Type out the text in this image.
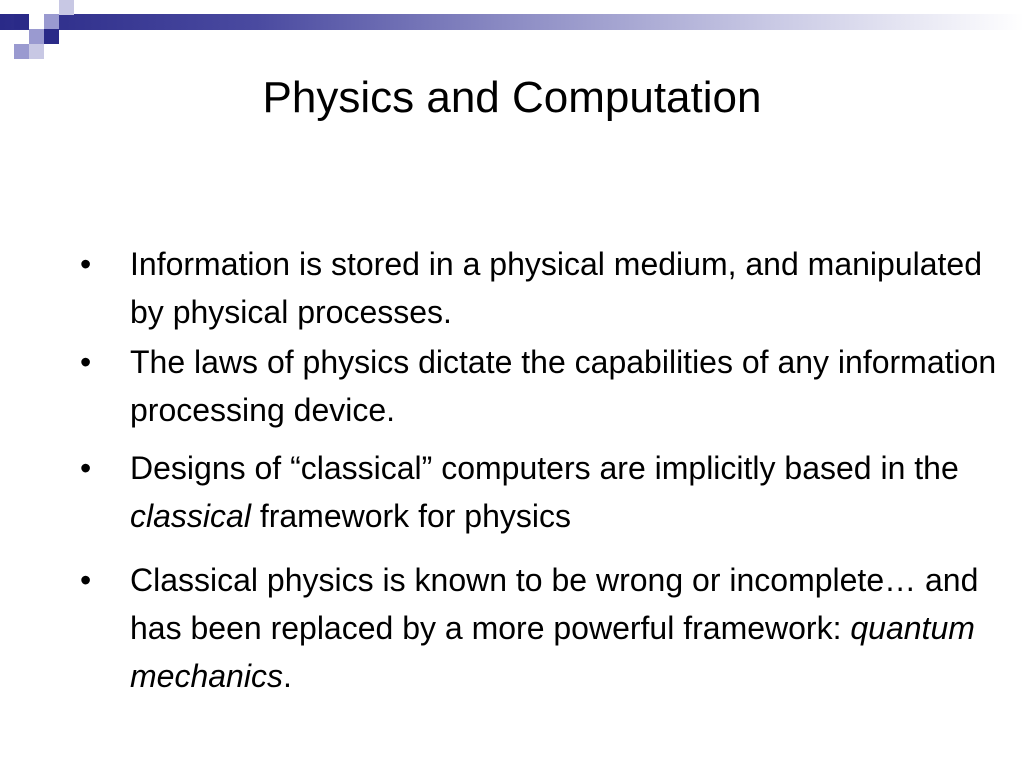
Physics and Computation
• Information is stored in a physical medium, and manipulated by physical processes.
• The laws of physics dictate the capabilities of any information processing device.
• Designs of “classical” computers are implicitly based in the classical framework for physics
• Classical physics is known to be wrong or incomplete… and has been replaced by a more powerful framework: quantum mechanics.
